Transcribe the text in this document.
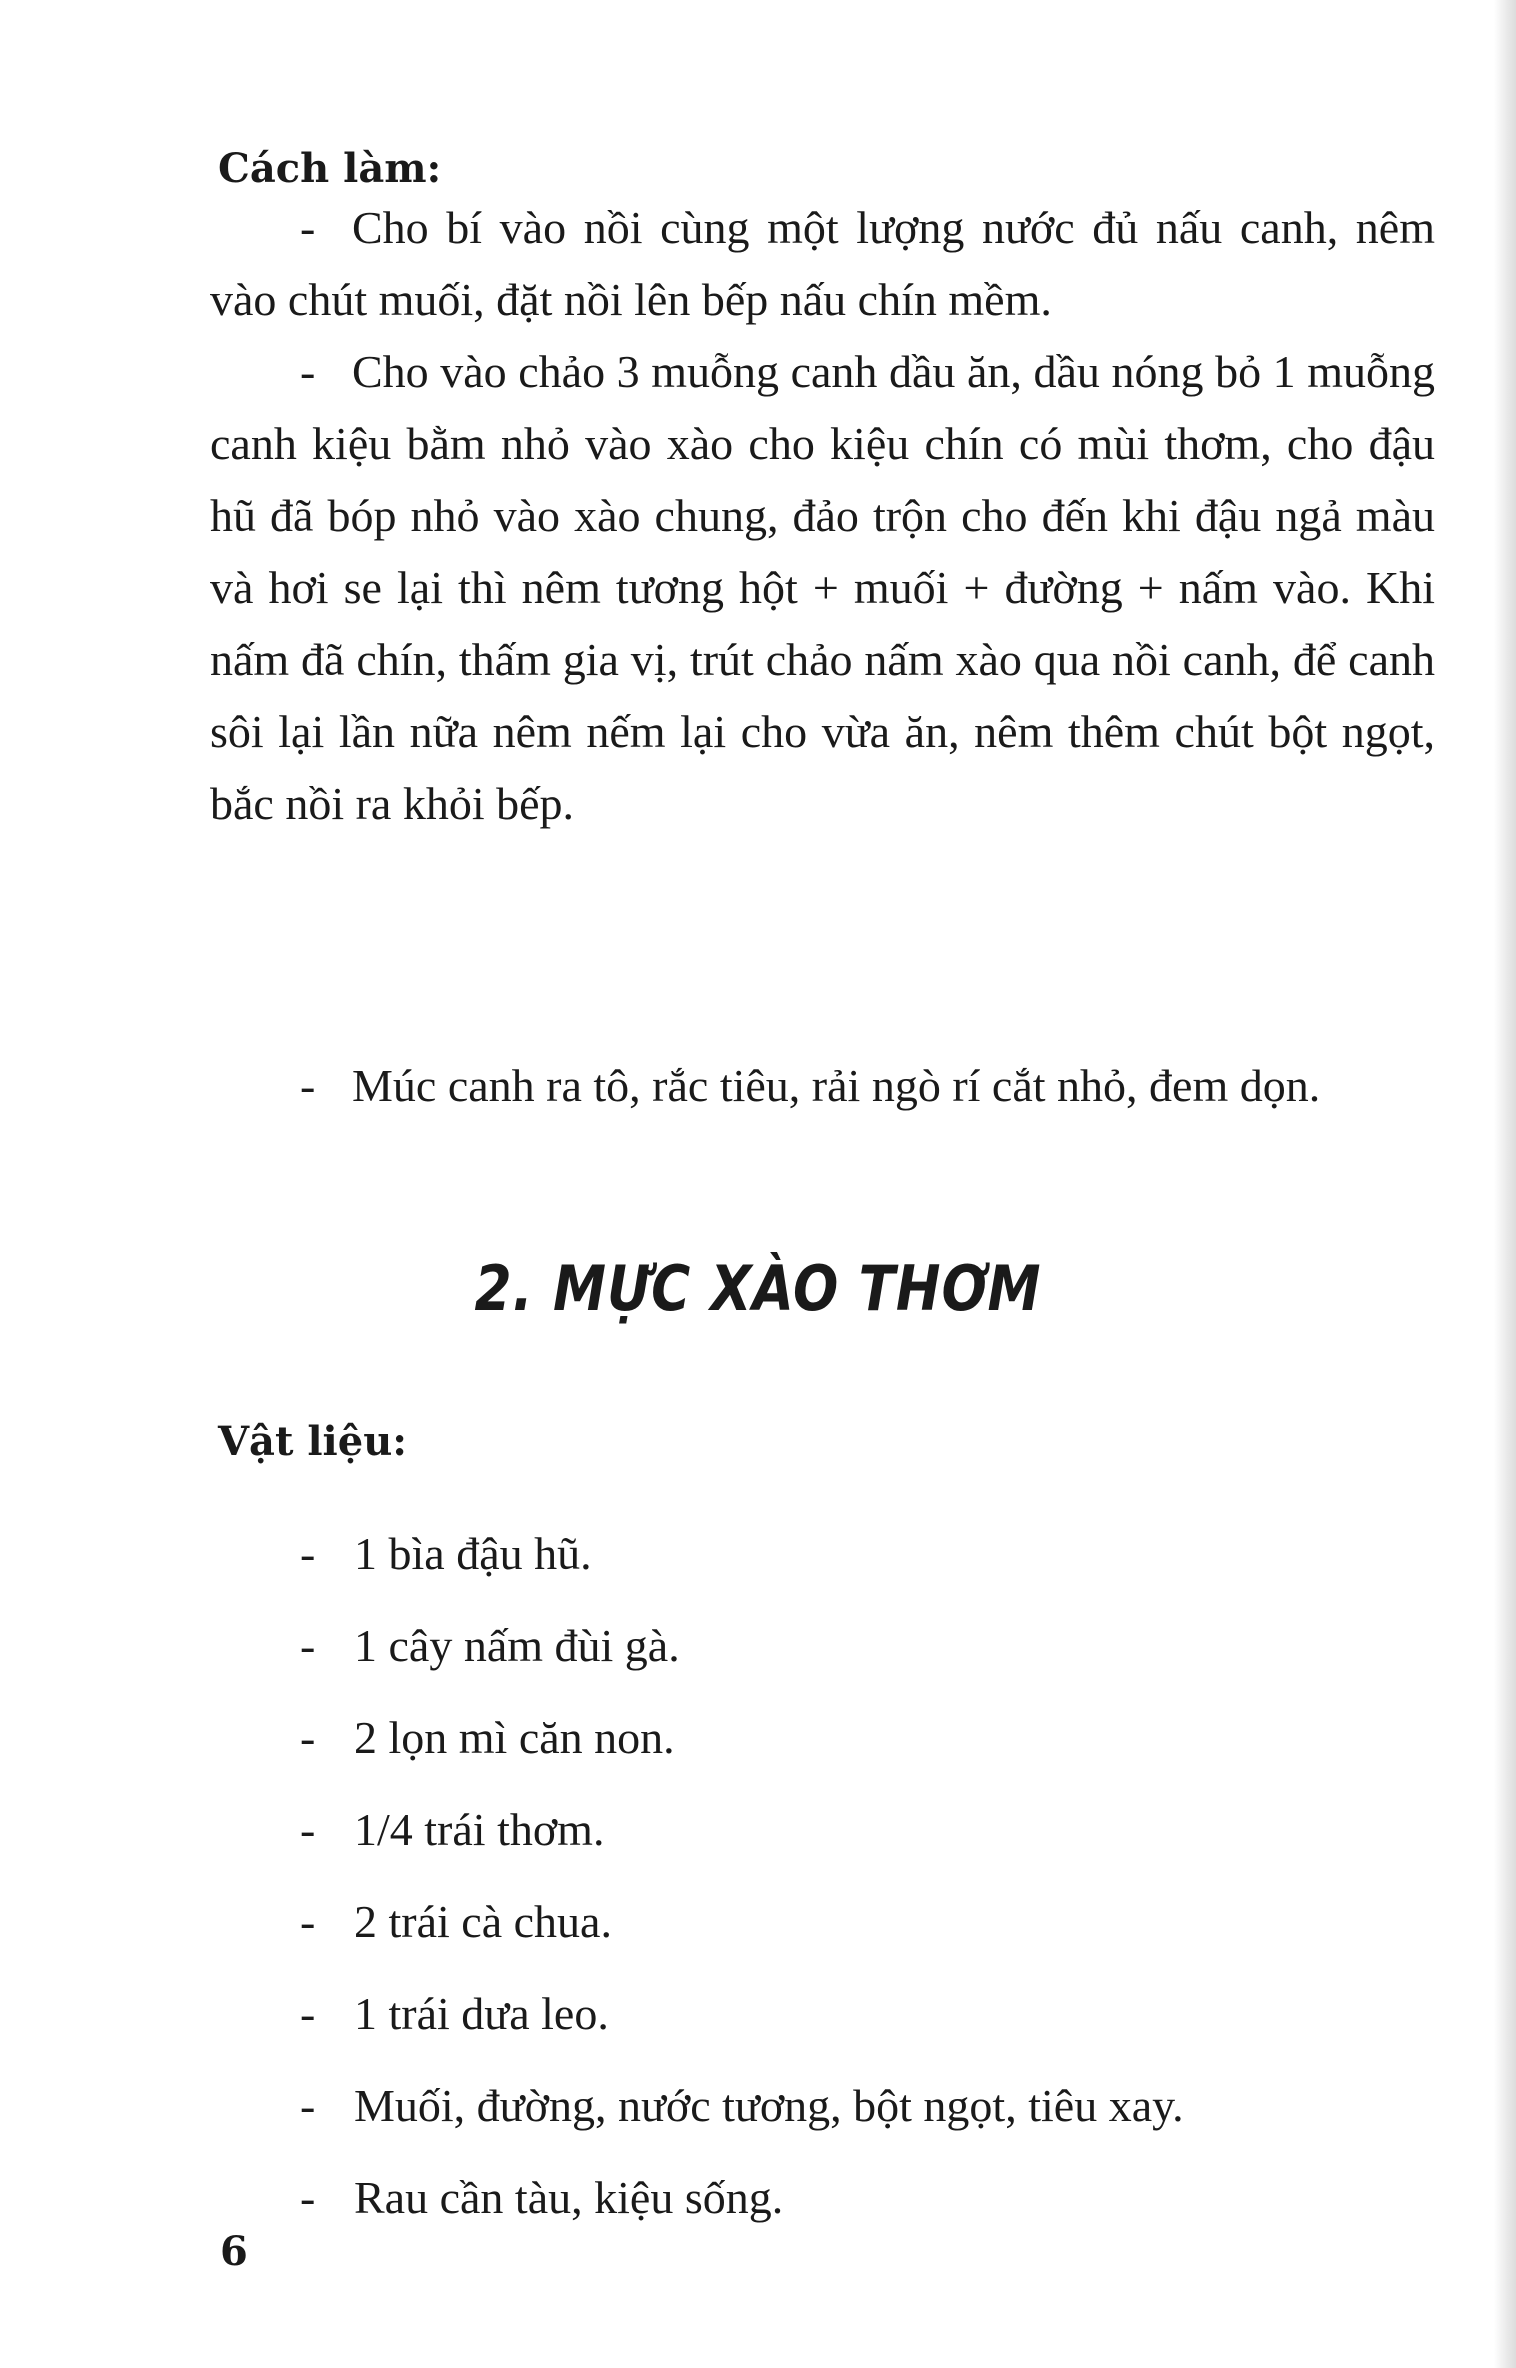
Cách làm:

- Cho bí vào nồi cùng một lượng nước đủ nấu canh, nêm vào chút muối, đặt nồi lên bếp nấu chín mềm.

- Cho vào chảo 3 muỗng canh dầu ăn, dầu nóng bỏ 1 muỗng canh kiệu bằm nhỏ vào xào cho kiệu chín có mùi thơm, cho đậu hũ đã bóp nhỏ vào xào chung, đảo trộn cho đến khi đậu ngả màu và hơi se lại thì nêm tương hột + muối + đường + nấm vào. Khi nấm đã chín, thấm gia vị, trút chảo nấm xào qua nồi canh, để canh sôi lại lần nữa nêm nếm lại cho vừa ăn, nêm thêm chút bột ngọt, bắc nồi ra khỏi bếp.

- Múc canh ra tô, rắc tiêu, rải ngò rí cắt nhỏ, đem dọn.

2. MỰC XÀO THƠM
Vật liệu:
- 1 bìa đậu hũ.
- 1 cây nấm đùi gà.
- 2 lọn mì căn non.
- 1/4 trái thơm.
- 2 trái cà chua.
- 1 trái dưa leo.
- Muối, đường, nước tương, bột ngọt, tiêu xay.
- Rau cần tàu, kiệu sống.
6
